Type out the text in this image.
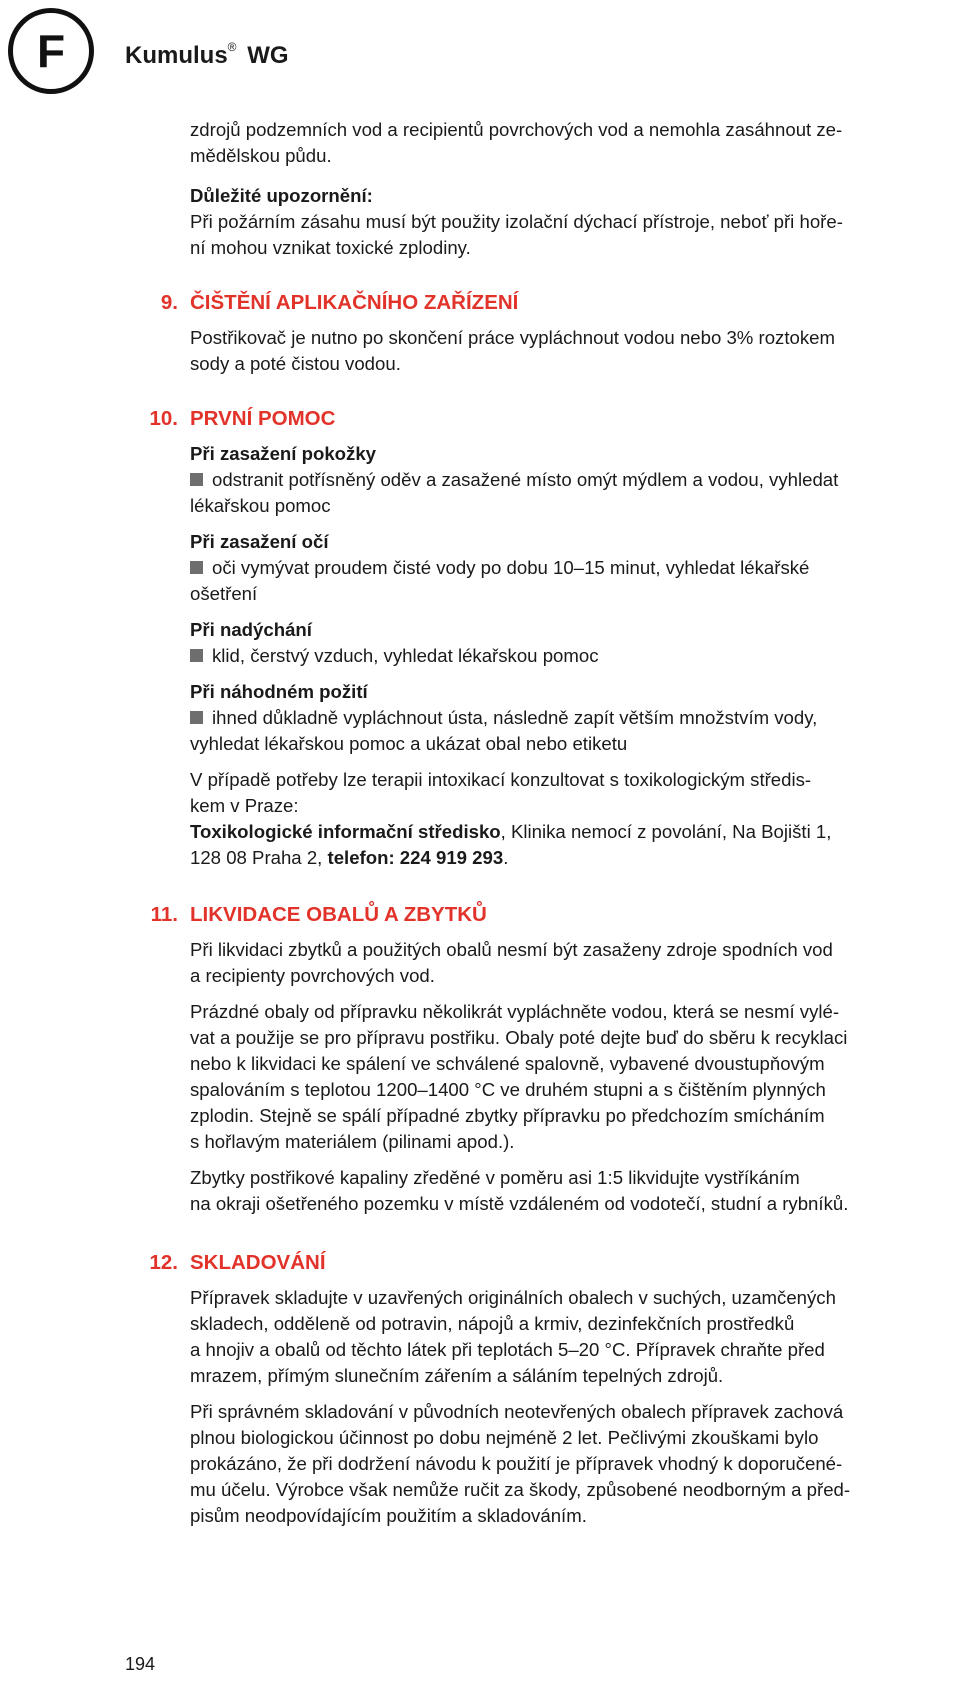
F	Kumulus® WG

zdrojů podzemních vod a recipientů povrchových vod a nemohla zasáhnout ze-
mědělskou půdu.

Důležité upozornění:
Při požárním zásahu musí být použity izolační dýchací přístroje, neboť při hoře-
ní mohou vznikat toxické zplodiny.

9. ČIŠTĚNÍ APLIKAČNÍHO ZAŘÍZENÍ

Postřikovač je nutno po skončení práce vypláchnout vodou nebo 3% roztokem
sody a poté čistou vodou.

10. PRVNÍ POMOC

Při zasažení pokožky

odstranit potřísněný oděv a zasažené místo omýt mýdlem a vodou, vyhledat
lékařskou pomoc

Při zasažení očí

oči vymývat proudem čisté vody po dobu 10–15 minut, vyhledat lékařské
ošetření

Při nadýchání

klid, čerstvý vzduch, vyhledat lékařskou pomoc

Při náhodném požití

ihned důkladně vypláchnout ústa, následně zapít větším množstvím vody,
vyhledat lékařskou pomoc a ukázat obal nebo etiketu

V případě potřeby lze terapii intoxikací konzultovat s toxikologickým středis-
kem v Praze:
Toxikologické informační středisko, Klinika nemocí z povolání, Na Bojišti 1,
128 08 Praha 2, telefon: 224 919 293.

11. LIKVIDACE OBALŮ A ZBYTKŮ

Při likvidaci zbytků a použitých obalů nesmí být zasaženy zdroje spodních vod
a recipienty povrchových vod.

Prázdné obaly od přípravku několikrát vypláchněte vodou, která se nesmí vylé-
vat a použije se pro přípravu postřiku. Obaly poté dejte buď do sběru k recyklaci
nebo k likvidaci ke spálení ve schválené spalovně, vybavené dvoustupňovým
spalováním s teplotou 1200–1400 °C ve druhém stupni a s čištěním plynných
zplodin. Stejně se spálí případné zbytky přípravku po předchozím smícháním
s hořlavým materiálem (pilinami apod.).

Zbytky postřikové kapaliny zředěné v poměru asi 1:5 likvidujte vystříkáním
na okraji ošetřeného pozemku v místě vzdáleném od vodotečí, studní a rybníků.

12. SKLADOVÁNÍ

Přípravek skladujte v uzavřených originálních obalech v suchých, uzamčených
skladech, odděleně od potravin, nápojů a krmiv, dezinfekčních prostředků
a hnojiv a obalů od těchto látek při teplotách 5–20 °C. Přípravek chraňte před
mrazem, přímým slunečním zářením a sáláním tepelných zdrojů.

Při správném skladování v původních neotevřených obalech přípravek zachová
plnou biologickou účinnost po dobu nejméně 2 let. Pečlivými zkouškami bylo
prokázáno, že při dodržení návodu k použití je přípravek vhodný k doporučené-
mu účelu. Výrobce však nemůže ručit za škody, způsobené neodborným a před-
pisům neodpovídajícím použitím a skladováním.

194
